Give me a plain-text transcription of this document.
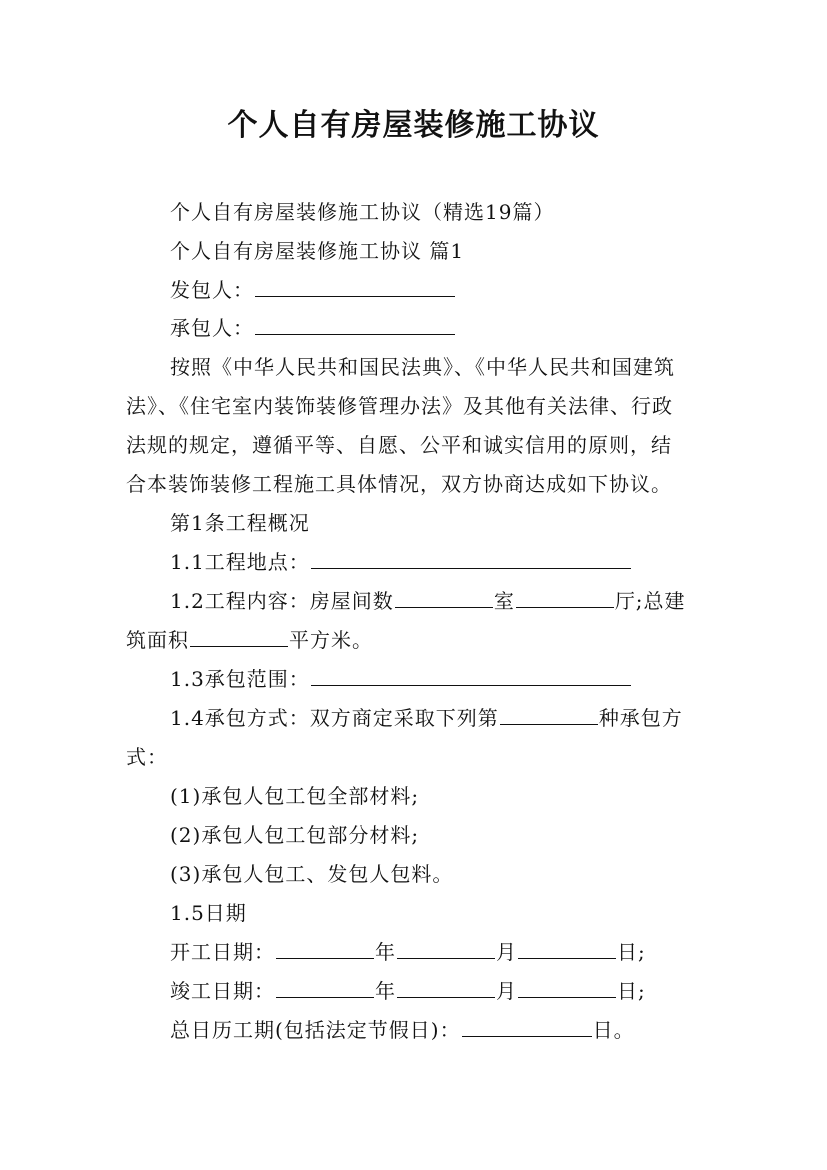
个人自有房屋装修施工协议
个人自有房屋装修施工协议（精选19篇）
个人自有房屋装修施工协议 篇1
发包人：
承包人：
按照《中华人民共和国民法典》、《中华人民共和国建筑
法》、《住宅室内装饰装修管理办法》及其他有关法律、行政
法规的规定，遵循平等、自愿、公平和诚实信用的原则，结
合本装饰装修工程施工具体情况，双方协商达成如下协议。
第1条工程概况
1.1工程地点：
1.2工程内容：房屋间数	室	厅;总建
筑面积	平方米。
1.3承包范围：
1.4承包方式：双方商定采取下列第	种承包方
式：
(1)承包人包工包全部材料;
(2)承包人包工包部分材料;
(3)承包人包工、发包人包料。
1.5日期
开工日期：	年	月	日;
竣工日期：	年	月	日;
总日历工期(包括法定节假日)：	日。
